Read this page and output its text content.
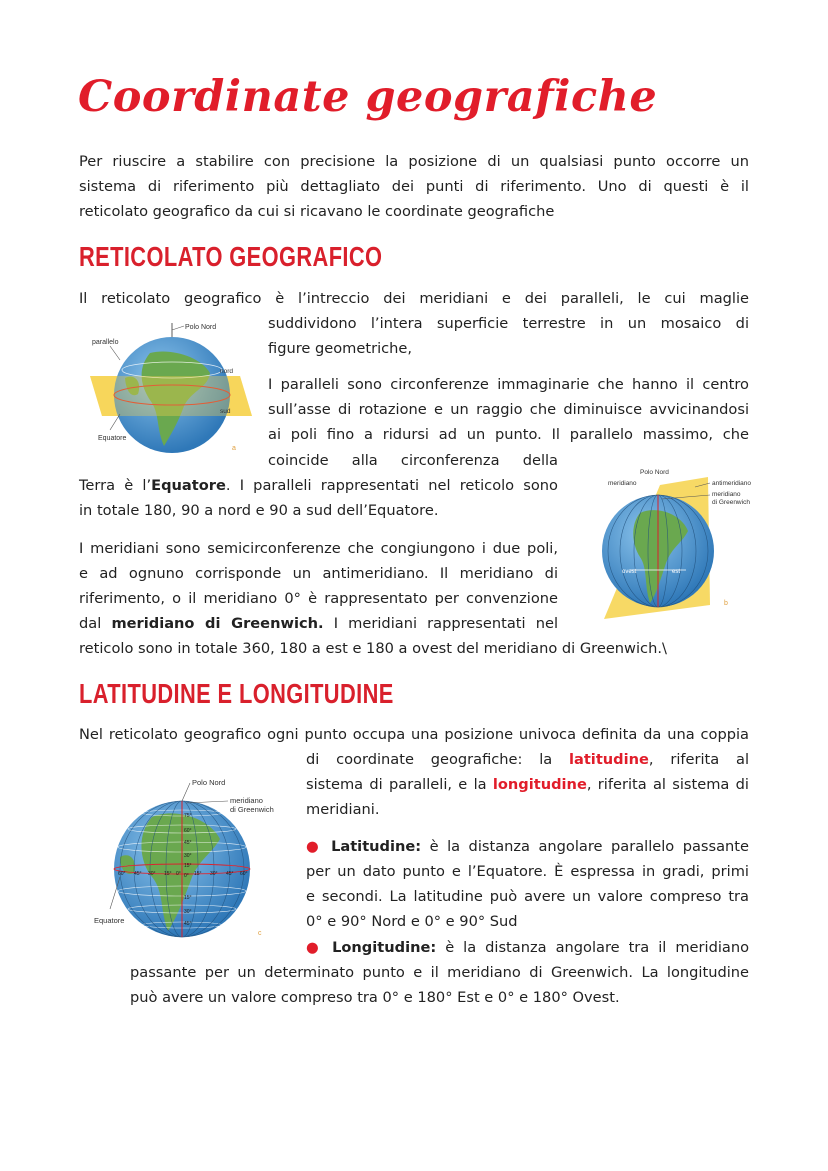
Coordinate geografiche
Per riuscire a stabilire con precisione la posizione di un qualsiasi punto occorre un
sistema di riferimento più dettagliato dei punti di riferimento. Uno di questi è il
reticolato geografico da cui si ricavano le coordinate geografiche
RETICOLATO GEOGRAFICO
Il reticolato geografico è l’intreccio dei meridiani e dei paralleli, le cui maglie
suddividono l’intera superficie terrestre in un mosaico di
figure geometriche,
I paralleli sono circonferenze immaginarie che hanno il centro
sull’asse di rotazione e un raggio che diminuisce avvicinandosi
ai poli fino a ridursi ad un punto. Il parallelo massimo, che
coincide alla circonferenza della
Terra è l’Equatore. I paralleli rappresentati nel reticolo sono
in totale 180, 90 a nord e 90 a sud dell’Equatore.
I meridiani sono semicirconferenze che congiungono i due poli,
e ad ognuno corrisponde un antimeridiano. Il meridiano di
riferimento, o il meridiano 0° è rappresentato per convenzione
dal meridiano di Greenwich. I meridiani rappresentati nel
reticolo sono in totale 360, 180 a est e 180 a ovest del meridiano di Greenwich.\
LATITUDINE E LONGITUDINE
Nel reticolato geografico ogni punto occupa una posizione univoca definita da una coppia
di coordinate geografiche: la latitudine, riferita al
sistema di paralleli, e la longitudine, riferita al sistema di
meridiani.
● Latitudine: è la distanza angolare parallelo passante
per un dato punto e l’Equatore. È espressa in gradi, primi
e secondi. La latitudine può avere un valore compreso tra
0° e 90° Nord e 0° e 90° Sud
● Longitudine: è la distanza angolare tra il meridiano
passante per un determinato punto e il meridiano di Greenwich. La longitudine
può avere un valore compreso tra 0° e 180° Est e 0° e 180° Ovest.
Polo Nord
parallelo
nord
sud
Equatore
a
ovest	est
Polo Nord
meridiano	antimeridiano
meridiano
di Greenwich
b
Polo Nord
meridiano
di Greenwich
Equatore
75°
60°
45°
30°
15°
0°
15°
30°
45°
60° 45° 30° 15° 0°	15° 30° 45° 60°
c
